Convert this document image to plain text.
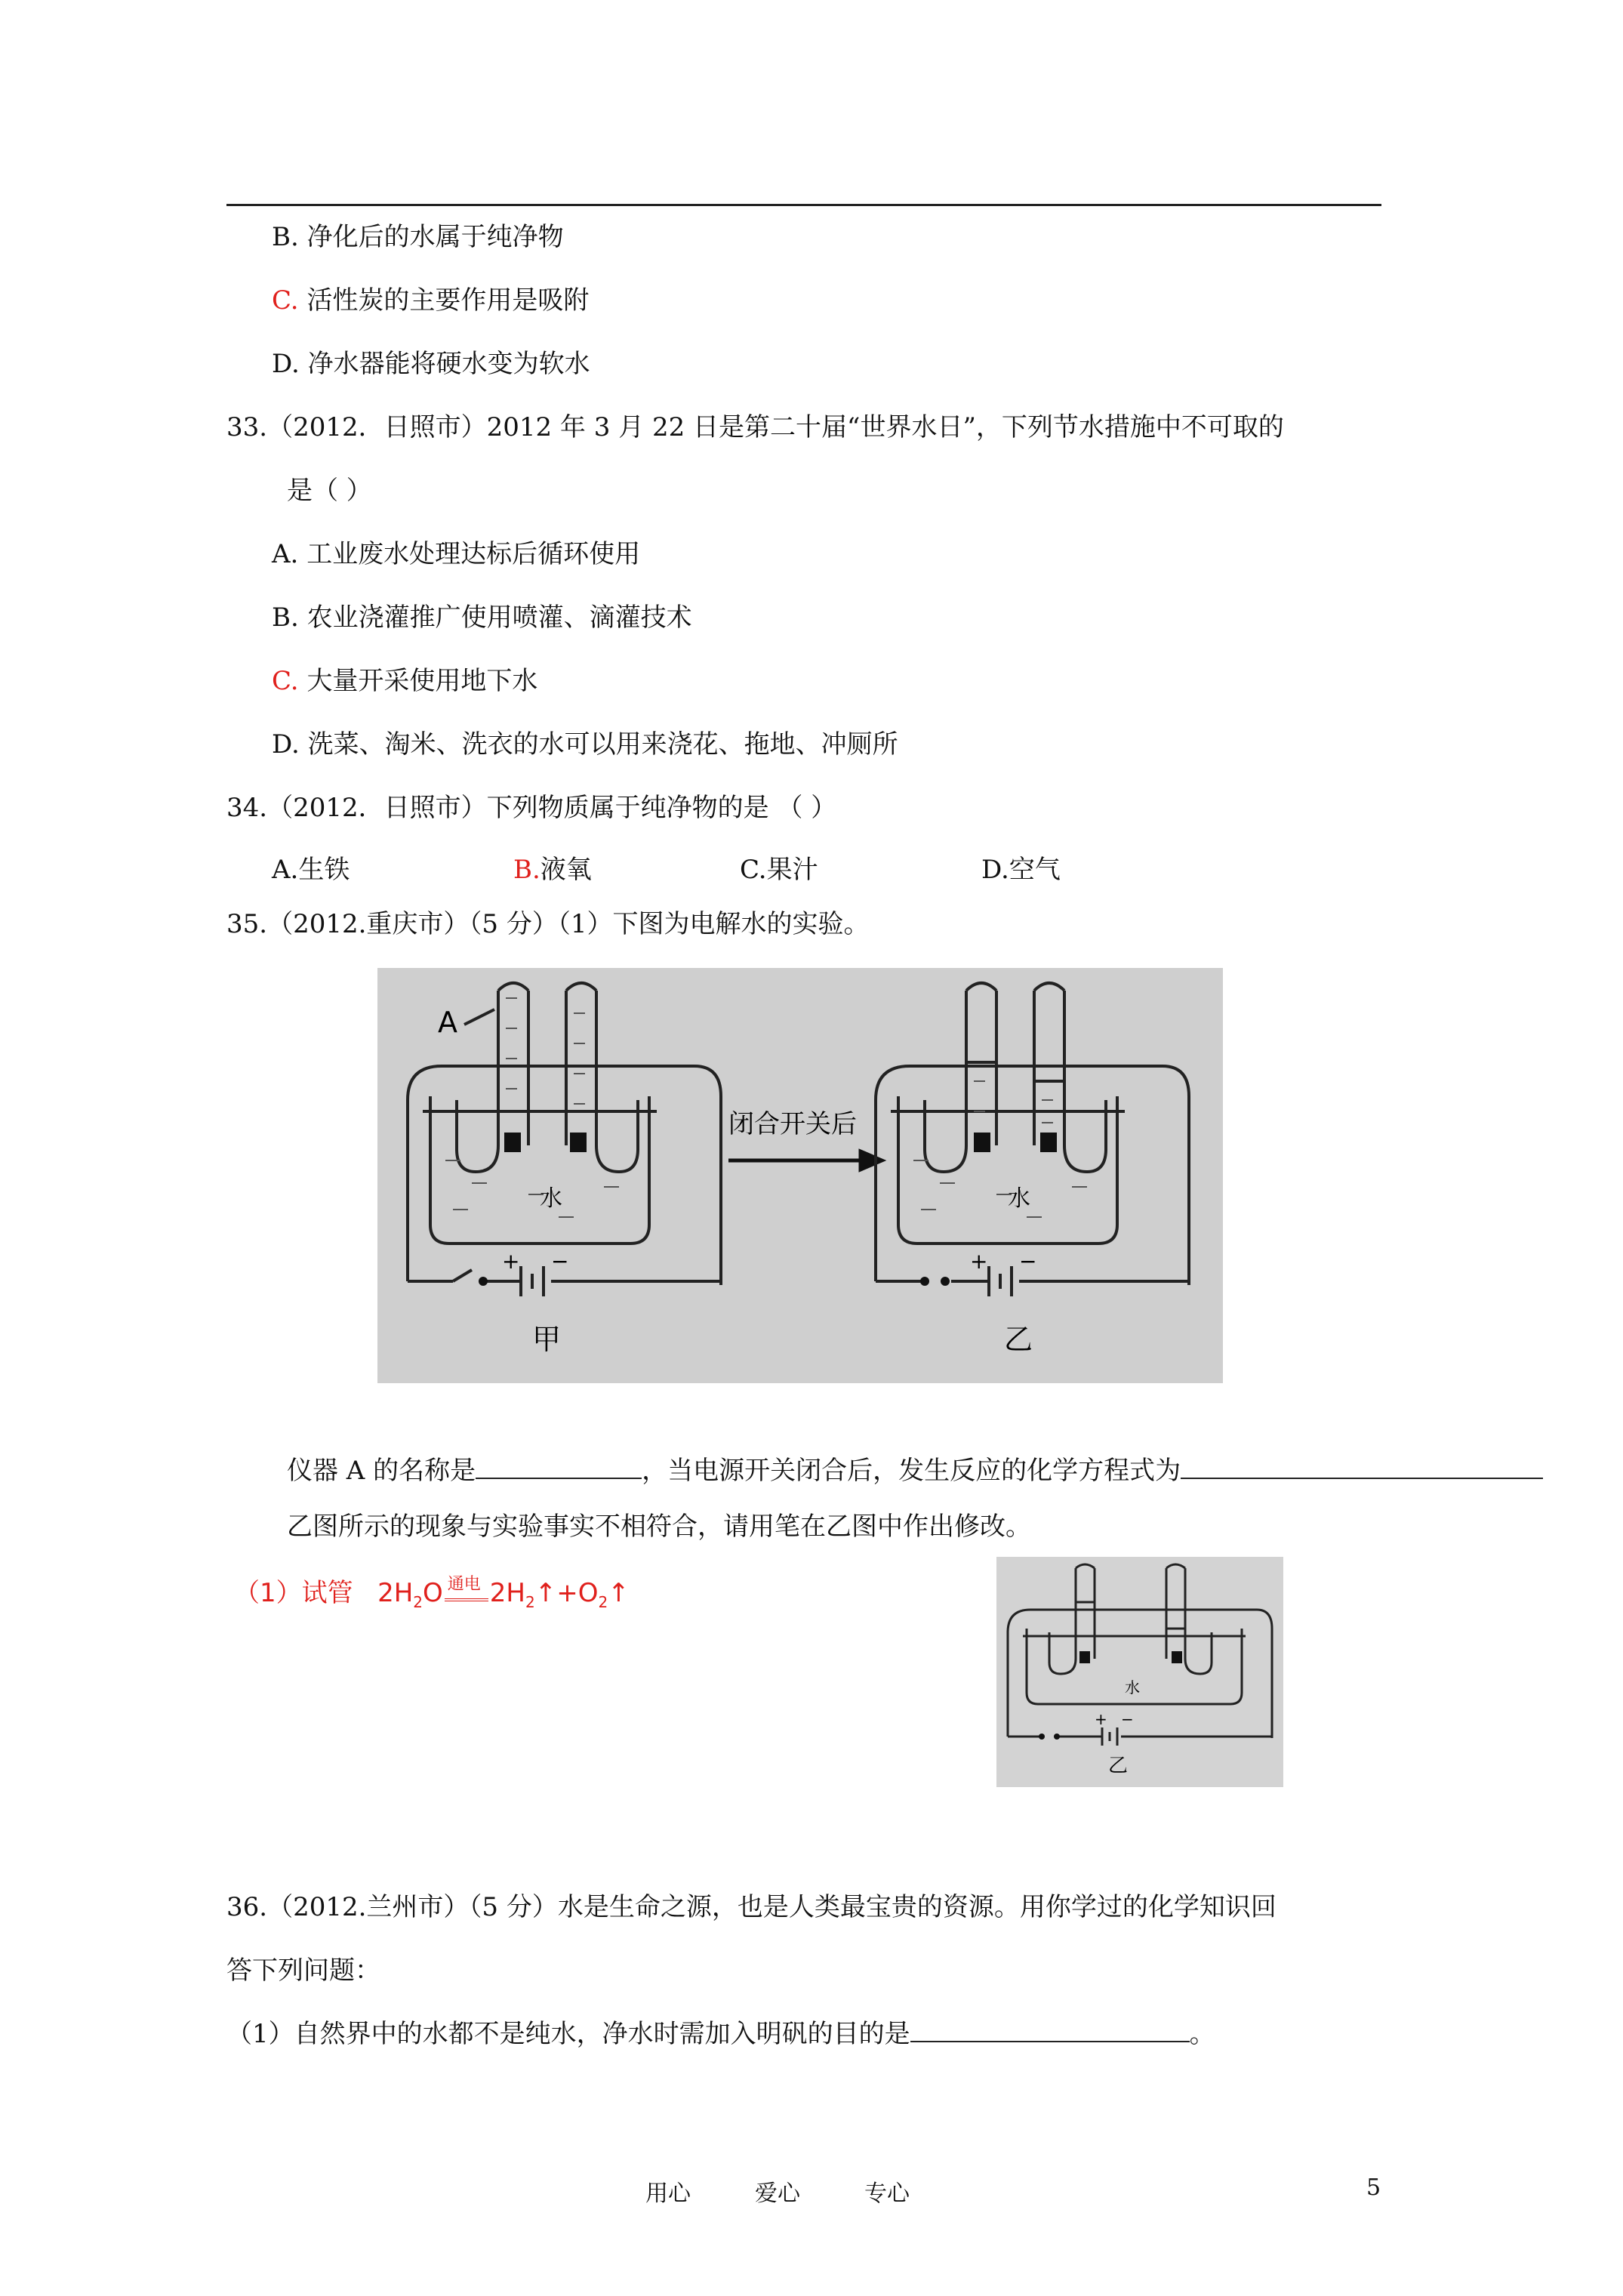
B. 净化后的水属于纯净物
C. 活性炭的主要作用是吸附
D. 净水器能将硬水变为软水
33.（2012．日照市）2012 年 3 月 22 日是第二十届“世界水日”，下列节水措施中不可取的
是（ ）
A. 工业废水处理达标后循环使用
B. 农业浇灌推广使用喷灌、滴灌技术
C. 大量开采使用地下水
D. 洗菜、淘米、洗衣的水可以用来浇花、拖地、冲厕所
34.（2012．日照市）下列物质属于纯净物的是 （ ）
A.生铁	B.液氧	C.果汁	D.空气
35.（2012.重庆市）（5 分）（1）下图为电解水的实验。
A
水
+ −
甲
闭合开关后
水
+ −
乙
仪器 A 的名称是	，当电源开关闭合后，发生反应的化学方程式为
乙图所示的现象与实验事实不相符合，请用笔在乙图中作出修改。
（1）试管 $2H_2O$ 通电 $2H_2↑+O_2↑$
水
+ −
乙
36.（2012.兰州市）（5 分）水是生命之源，也是人类最宝贵的资源。用你学过的化学知识回
答下列问题：
（1）自然界中的水都不是纯水，净水时需加入明矾的目的是	。
用心	爱心	专心	5
